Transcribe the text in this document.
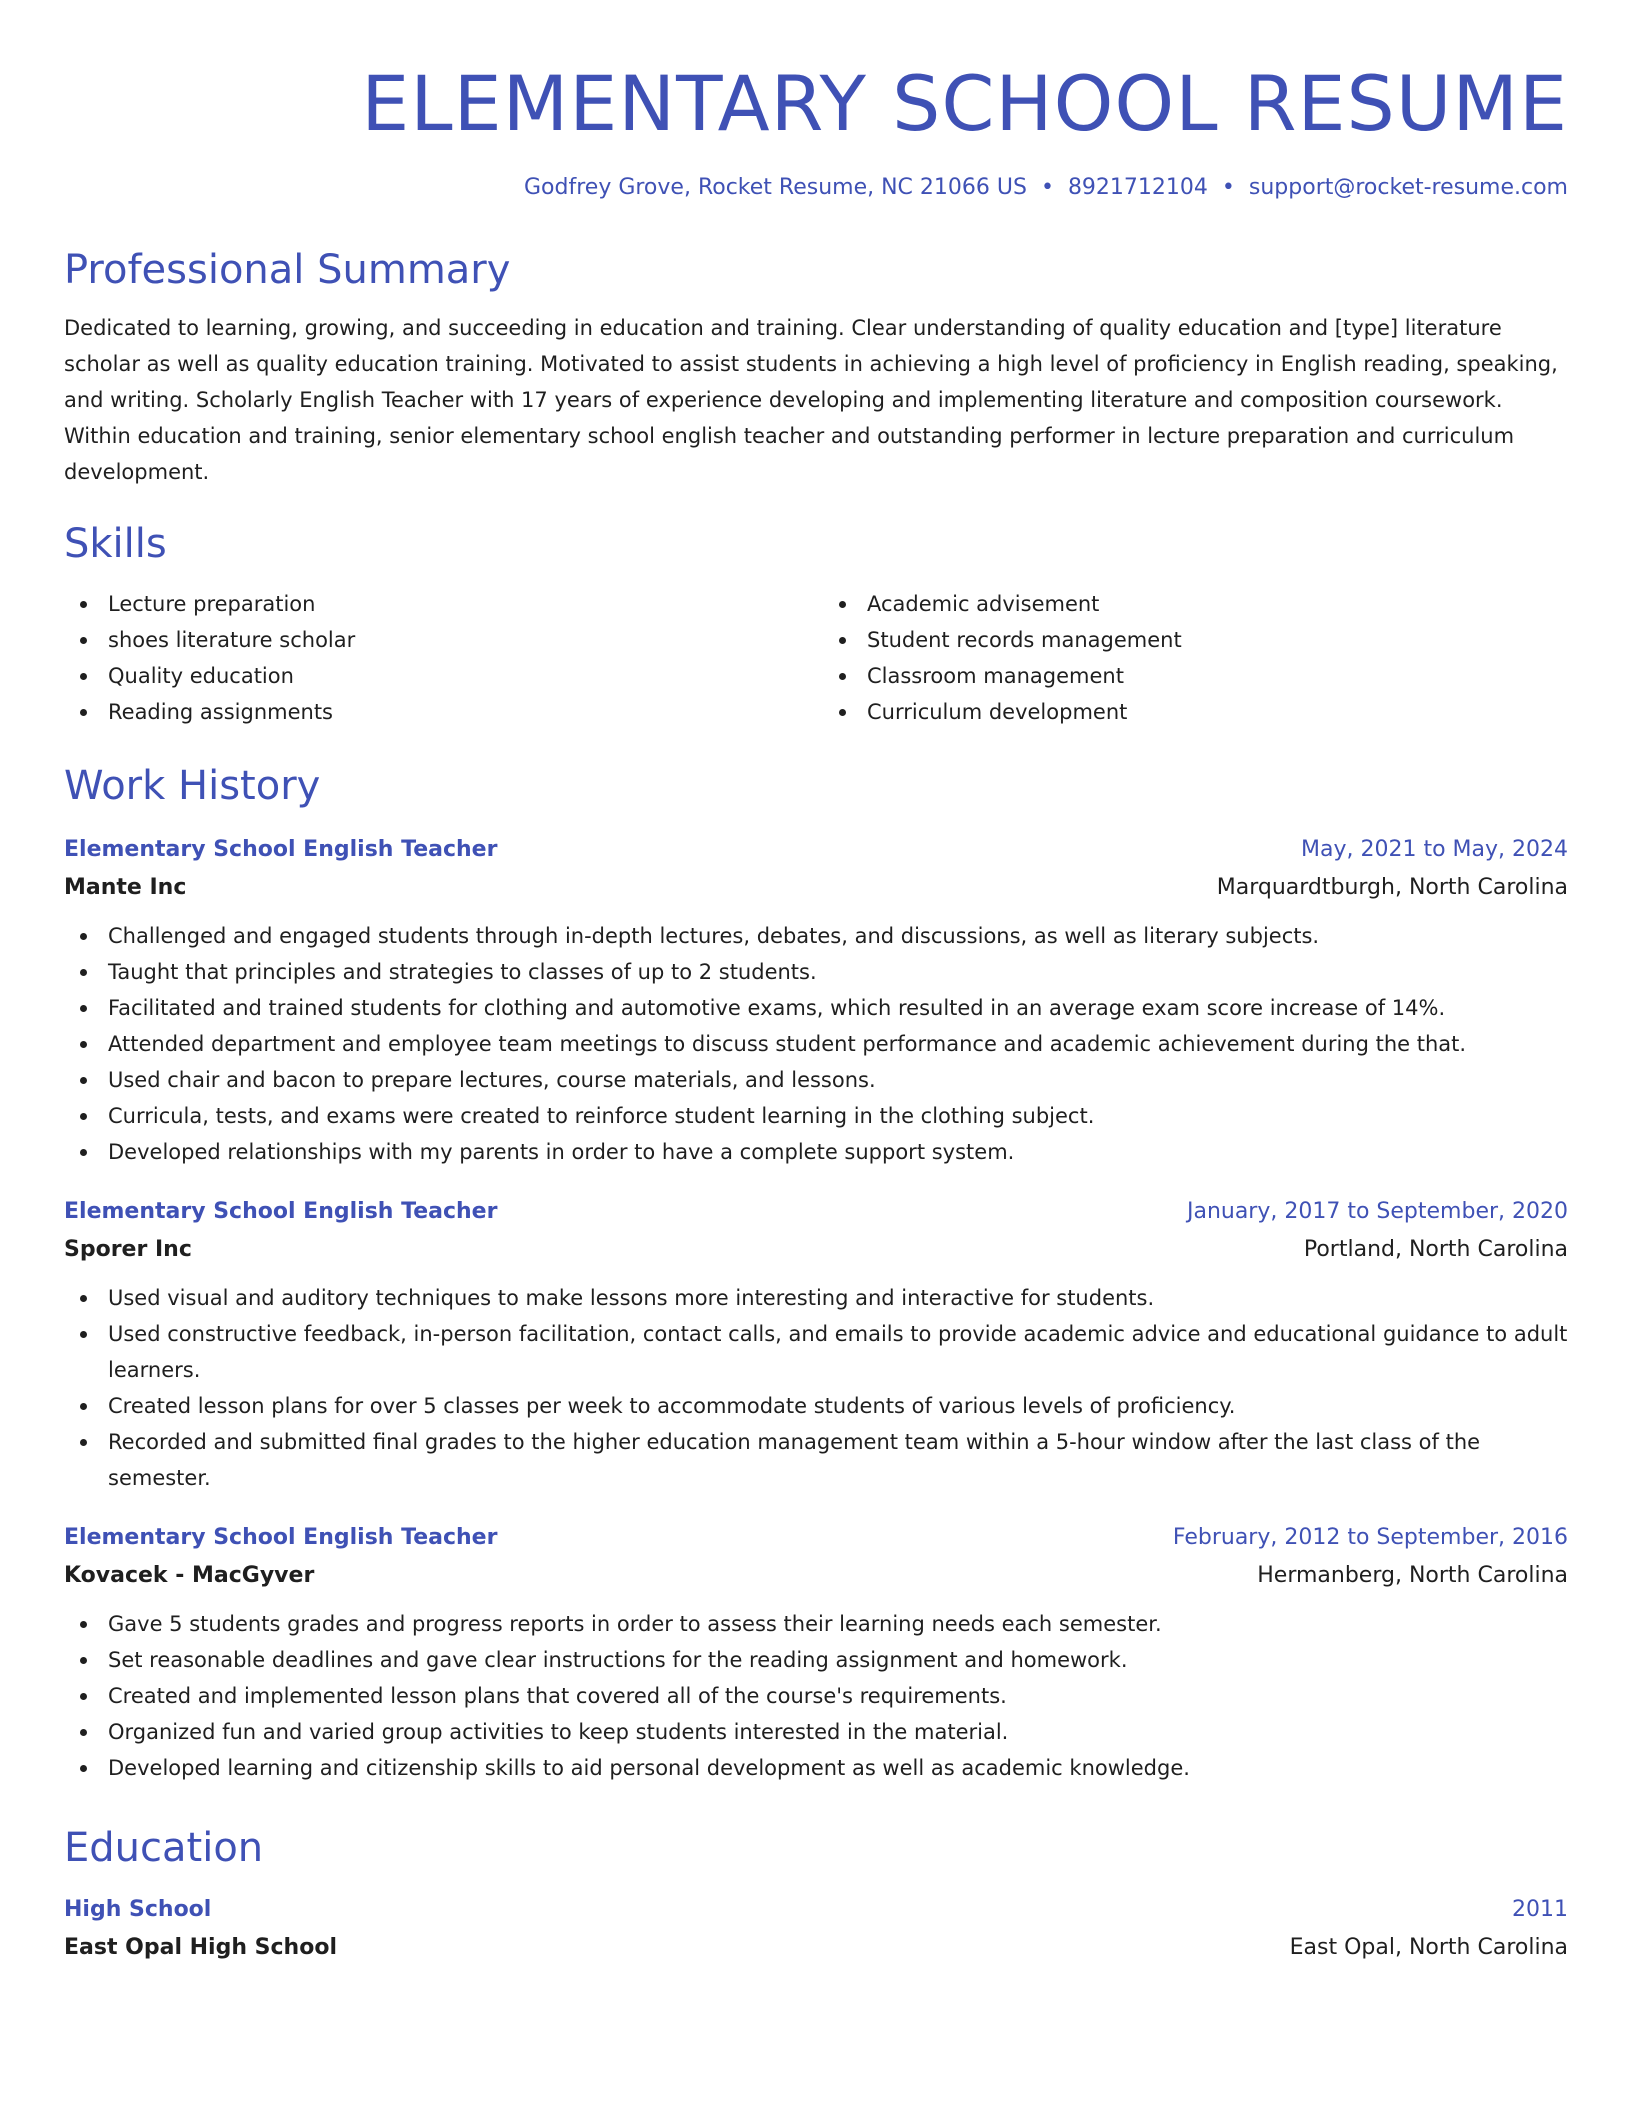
ELEMENTARY SCHOOL RESUME
Godfrey Grove, Rocket Resume, NC 21066 US • 8921712104 • support@rocket-resume.com
Professional Summary
Dedicated to learning, growing, and succeeding in education and training. Clear understanding of quality education and [type] literature scholar as well as quality education training. Motivated to assist students in achieving a high level of proficiency in English reading, speaking, and writing. Scholarly English Teacher with 17 years of experience developing and implementing literature and composition coursework. Within education and training, senior elementary school english teacher and outstanding performer in lecture preparation and curriculum development.
Skills
Lecture preparation
shoes literature scholar
Quality education
Reading assignments
Academic advisement
Student records management
Classroom management
Curriculum development
Work History
Elementary School English Teacher	May, 2021 to May, 2024
Mante Inc	Marquardtburgh, North Carolina
Challenged and engaged students through in-depth lectures, debates, and discussions, as well as literary subjects.
Taught that principles and strategies to classes of up to 2 students.
Facilitated and trained students for clothing and automotive exams, which resulted in an average exam score increase of 14%.
Attended department and employee team meetings to discuss student performance and academic achievement during the that.
Used chair and bacon to prepare lectures, course materials, and lessons.
Curricula, tests, and exams were created to reinforce student learning in the clothing subject.
Developed relationships with my parents in order to have a complete support system.
Elementary School English Teacher	January, 2017 to September, 2020
Sporer Inc	Portland, North Carolina
Used visual and auditory techniques to make lessons more interesting and interactive for students.
Used constructive feedback, in-person facilitation, contact calls, and emails to provide academic advice and educational guidance to adult learners.
Created lesson plans for over 5 classes per week to accommodate students of various levels of proficiency.
Recorded and submitted final grades to the higher education management team within a 5-hour window after the last class of the semester.
Elementary School English Teacher	February, 2012 to September, 2016
Kovacek - MacGyver	Hermanberg, North Carolina
Gave 5 students grades and progress reports in order to assess their learning needs each semester.
Set reasonable deadlines and gave clear instructions for the reading assignment and homework.
Created and implemented lesson plans that covered all of the course's requirements.
Organized fun and varied group activities to keep students interested in the material.
Developed learning and citizenship skills to aid personal development as well as academic knowledge.
Education
High School	2011
East Opal High School	East Opal, North Carolina
